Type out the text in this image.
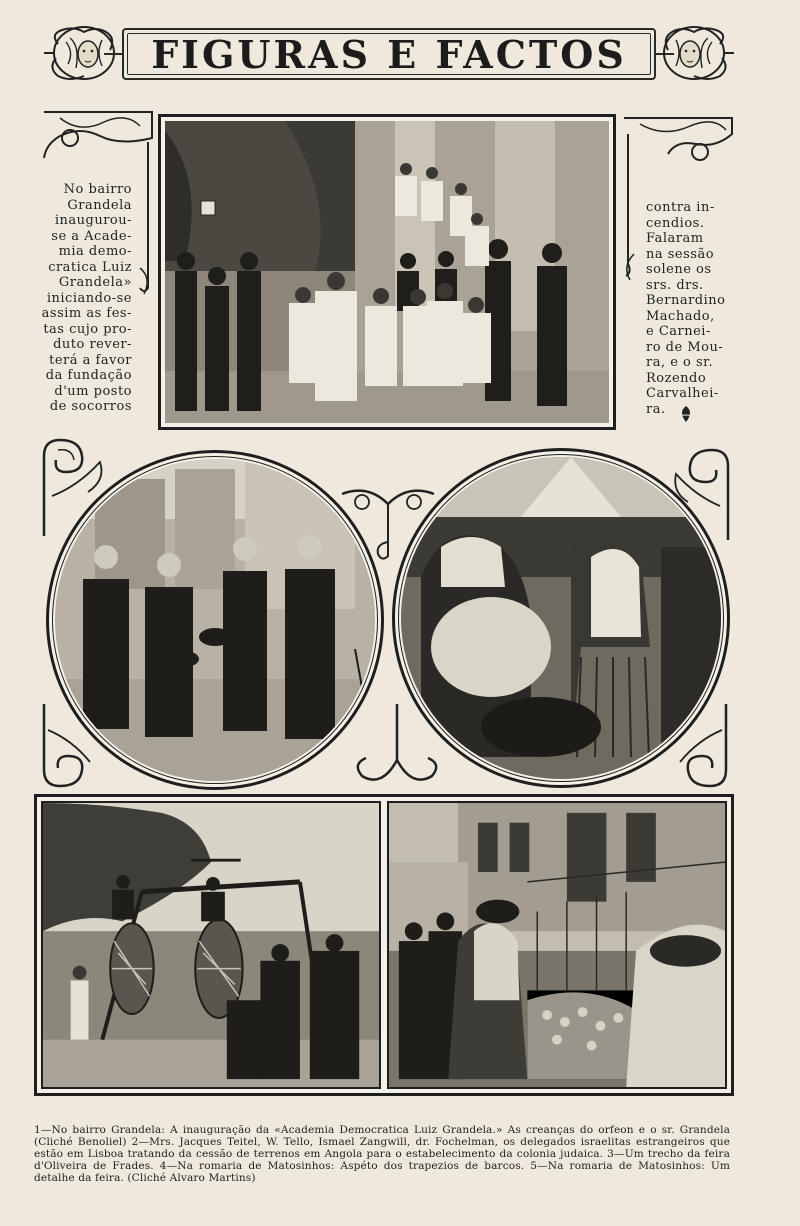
FIGURAS E FACTOS
No bairro
Grandela
inaugurou-
se a Acade-
mia demo-
cratica Luiz
Grandela»
iniciando-se
assim as fes-
tas cujo pro-
duto rever-
terá a favor
da fundação
d'um posto
de socorros
contra in-
cendios.
Falaram
na sessão
solene os
srs. drs.
Bernardino
Machado,
e Carnei-
ro de Mou-
ra, e o sr.
Rozendo
Carvalhei-
ra.

1—No bairro Grandela: A inauguração da «Academia Democratica Luiz Grandela.» As creanças do orfeon e o sr. Grandela (Cliché Benoliel) 2—Mrs. Jacques Teitel, W. Tello, Ismael Zangwill, dr. Fochelman, os delegados israelitas estrangeiros que estão em Lisboa tratando da cessão de terrenos em Angola para o estabelecimento da colonia judaica. 3—Um trecho da feira d'Oliveira de Frades. 4—Na romaria de Matosinhos: Aspéto dos trapezios de barcos. 5—Na romaria de Matosinhos: Um detalhe da feira. (Cliché Alvaro Martins)
